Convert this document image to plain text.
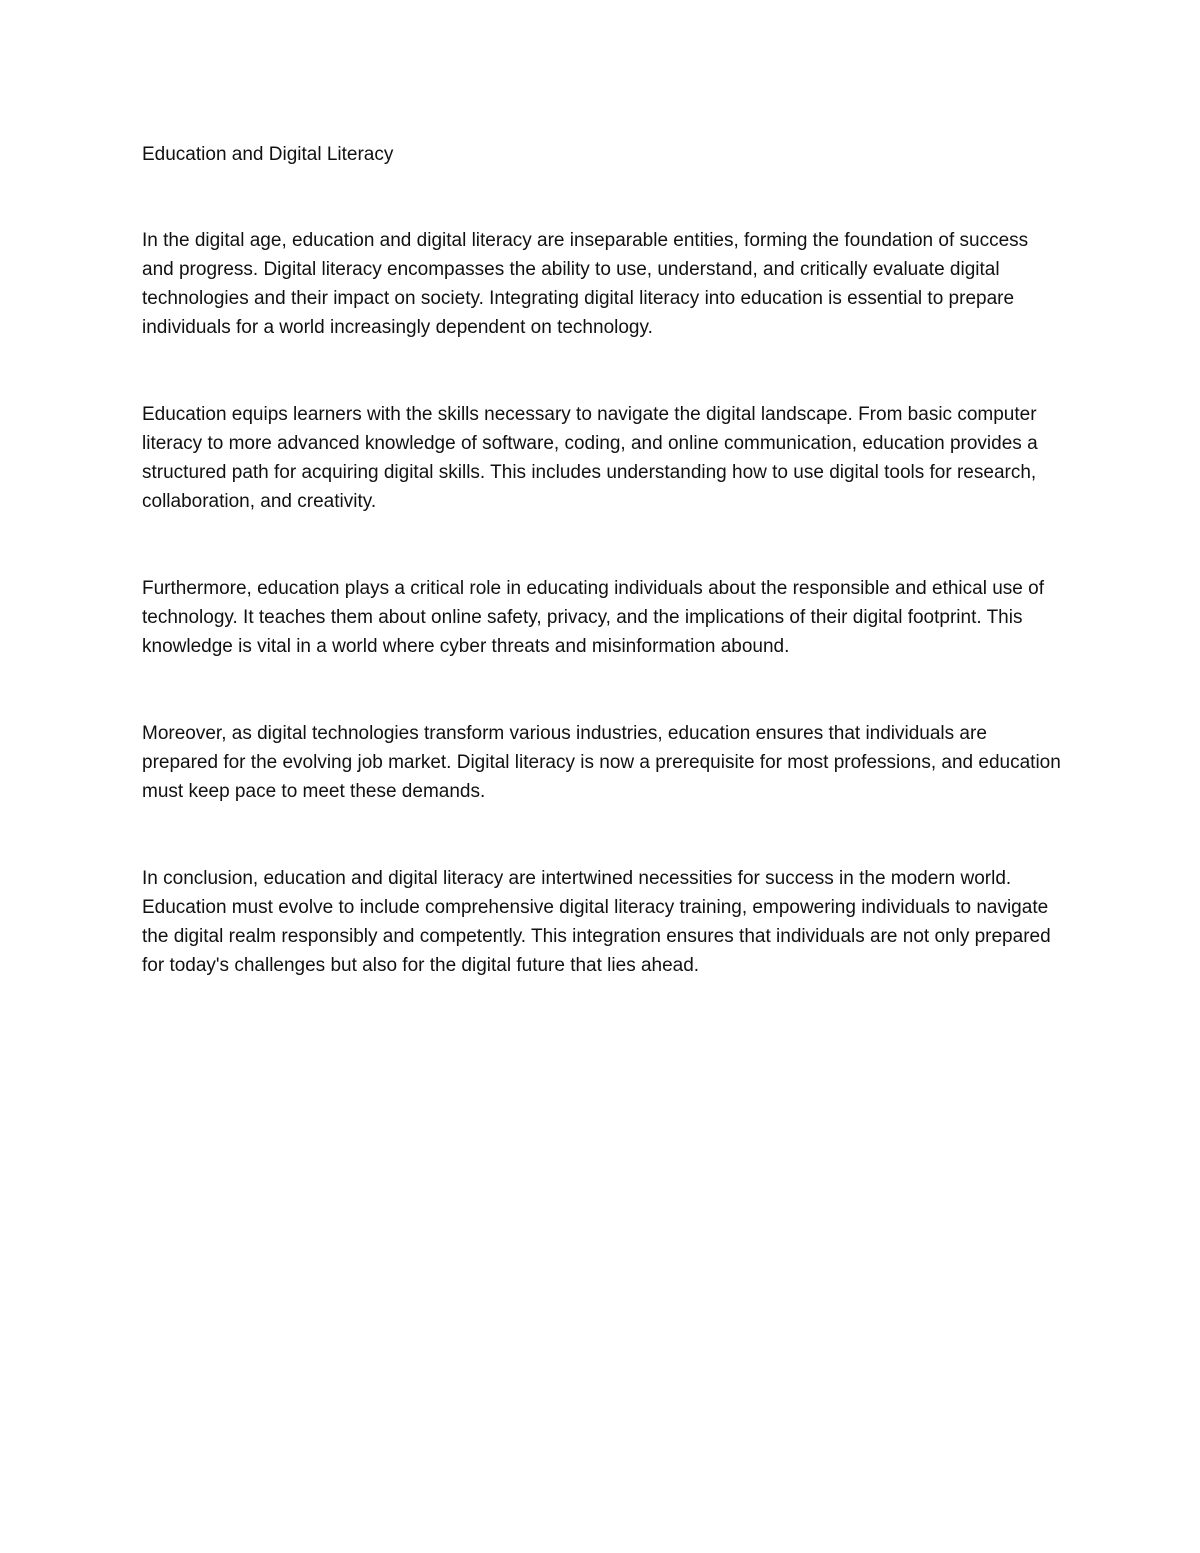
Education and Digital Literacy

In the digital age, education and digital literacy are inseparable entities, forming the foundation of success and progress. Digital literacy encompasses the ability to use, understand, and critically evaluate digital technologies and their impact on society. Integrating digital literacy into education is essential to prepare individuals for a world increasingly dependent on technology.

Education equips learners with the skills necessary to navigate the digital landscape. From basic computer literacy to more advanced knowledge of software, coding, and online communication, education provides a structured path for acquiring digital skills. This includes understanding how to use digital tools for research, collaboration, and creativity.

Furthermore, education plays a critical role in educating individuals about the responsible and ethical use of technology. It teaches them about online safety, privacy, and the implications of their digital footprint. This knowledge is vital in a world where cyber threats and misinformation abound.

Moreover, as digital technologies transform various industries, education ensures that individuals are prepared for the evolving job market. Digital literacy is now a prerequisite for most professions, and education must keep pace to meet these demands.

In conclusion, education and digital literacy are intertwined necessities for success in the modern world. Education must evolve to include comprehensive digital literacy training, empowering individuals to navigate the digital realm responsibly and competently. This integration ensures that individuals are not only prepared for today's challenges but also for the digital future that lies ahead.
